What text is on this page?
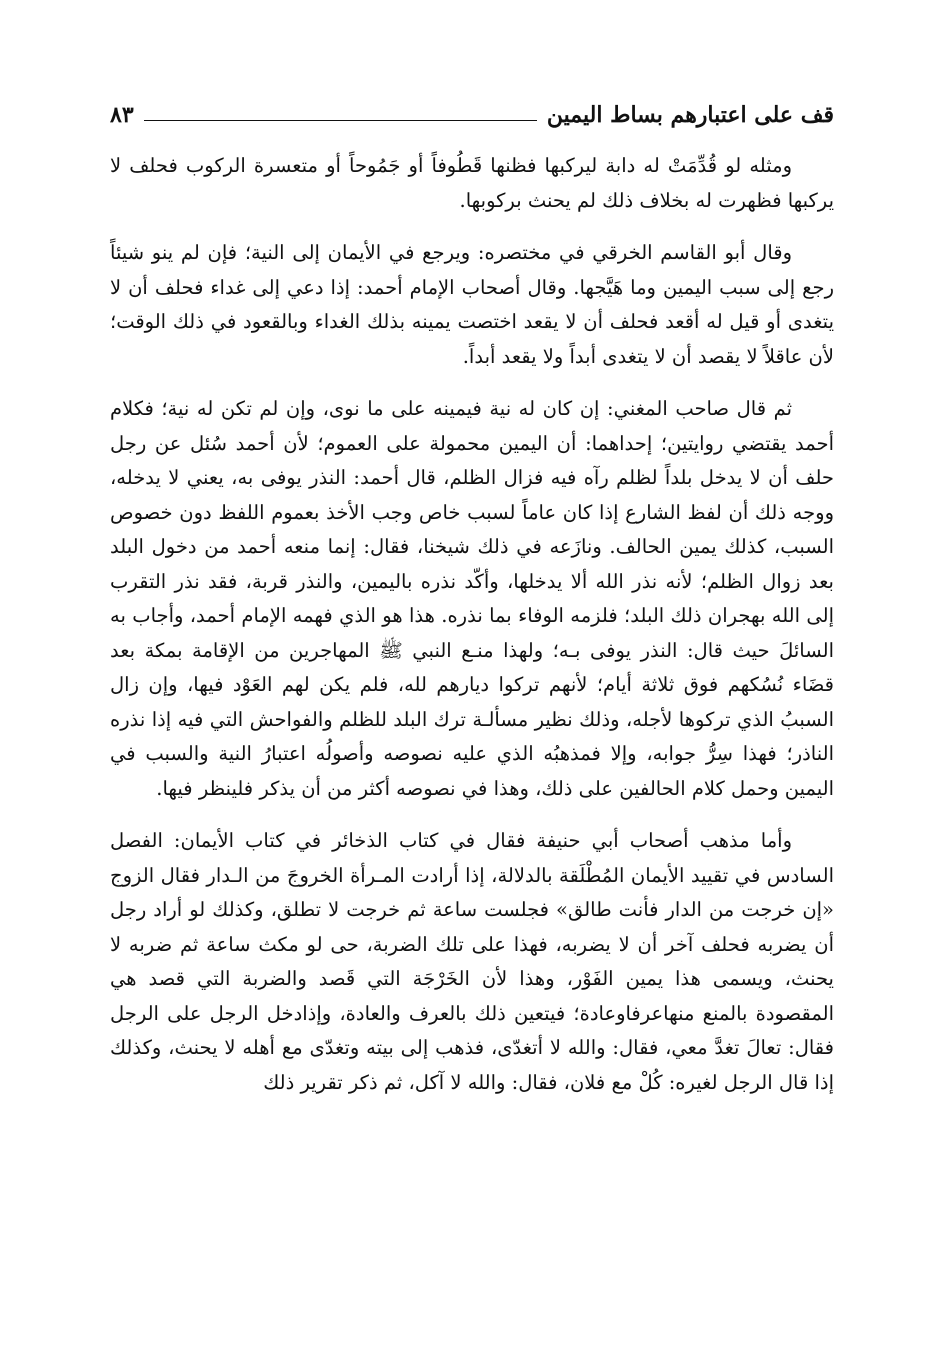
قف على اعتبارهم بساط اليمين
٨٣

ومثله لو قُدِّمَتْ له دابة ليركبها فظنها قَطُوفاً أو جَمُوحاً أو متعسرة الركوب فحلف لا يركبها فظهرت له بخلاف ذلك لم يحنث بركوبها.

وقال أبو القاسم الخرقي في مختصره: ويرجع في الأيمان إلى النية؛ فإن لم ينو شيئاً رجع إلى سبب اليمين وما هَيَّجها. وقال أصحاب الإمام أحمد: إذا دعي إلى غداء فحلف أن لا يتغدى أو قيل له أقعد فحلف أن لا يقعد اختصت يمينه بذلك الغداء وبالقعود في ذلك الوقت؛ لأن عاقلاً لا يقصد أن لا يتغدى أبداً ولا يقعد أبداً.

ثم قال صاحب المغني: إن كان له نية فيمينه على ما نوى، وإن لم تكن له نية؛ فكلام أحمد يقتضي روايتين؛ إحداهما: أن اليمين محمولة على العموم؛ لأن أحمد سُئل عن رجل حلف أن لا يدخل بلداً لظلم رآه فيه فزال الظلم، قال أحمد: النذر يوفى به، يعني لا يدخله، ووجه ذلك أن لفظ الشارع إذا كان عاماً لسبب خاص وجب الأخذ بعموم اللفظ دون خصوص السبب، كذلك يمين الحالف. ونازَعه في ذلك شيخنا، فقال: إنما منعه أحمد من دخول البلد بعد زوال الظلم؛ لأنه نذر الله ألا يدخلها، وأكّد نذره باليمين، والنذر قربة، فقد نذر التقرب إلى الله بهجران ذلك البلد؛ فلزمه الوفاء بما نذره. هذا هو الذي فهمه الإمام أحمد، وأجاب به السائلَ حيث قال: النذر يوفى بـه؛ ولهذا منـع النبي ﷺ المهاجرين من الإقامة بمكة بعد قضَاء نُسُكهم فوق ثلاثة أيام؛ لأنهم تركوا ديارهم لله، فلم يكن لهم العَوْد فيها، وإن زال السببُ الذي تركوها لأجله، وذلك نظير مسألـة ترك البلد للظلم والفواحش التي فيه إذا نذره الناذر؛ فهذا سِرُّ جوابه، وإلا فمذهبُه الذي عليه نصوصه وأصولُه اعتبارُ النية والسبب في اليمين وحمل كلام الحالفين على ذلك، وهذا في نصوصه أكثر من أن يذكر فلينظر فيها.

وأما مذهب أصحاب أبي حنيفة فقال في كتاب الذخائر في كتاب الأيمان: الفصل السادس في تقييد الأيمان المُطْلَقة بالدلالة، إذا أرادت المـرأة الخروجَ من الـدار فقال الزوج «إن خرجت من الدار فأنت طالق» فجلست ساعة ثم خرجت لا تطلق، وكذلك لو أراد رجل أن يضربه فحلف آخر أن لا يضربه، فهذا على تلك الضربة، حى لو مكث ساعة ثم ضربه لا يحنث، ويسمى هذا يمين الفَوْر، وهذا لأن الخَرْجَة التي قَصد والضربة التي قصد هي المقصودة بالمنع منهاعرفاوعادة؛ فيتعين ذلك بالعرف والعادة، وإذادخل الرجل على الرجل فقال: تعالَ تغدَّ معي، فقال: والله لا أتغدّى، فذهب إلى بيته وتغدّى مع أهله لا يحنث، وكذلك إذا قال الرجل لغيره: كُلْ مع فلان، فقال: والله لا آكل، ثم ذكر تقرير ذلك
